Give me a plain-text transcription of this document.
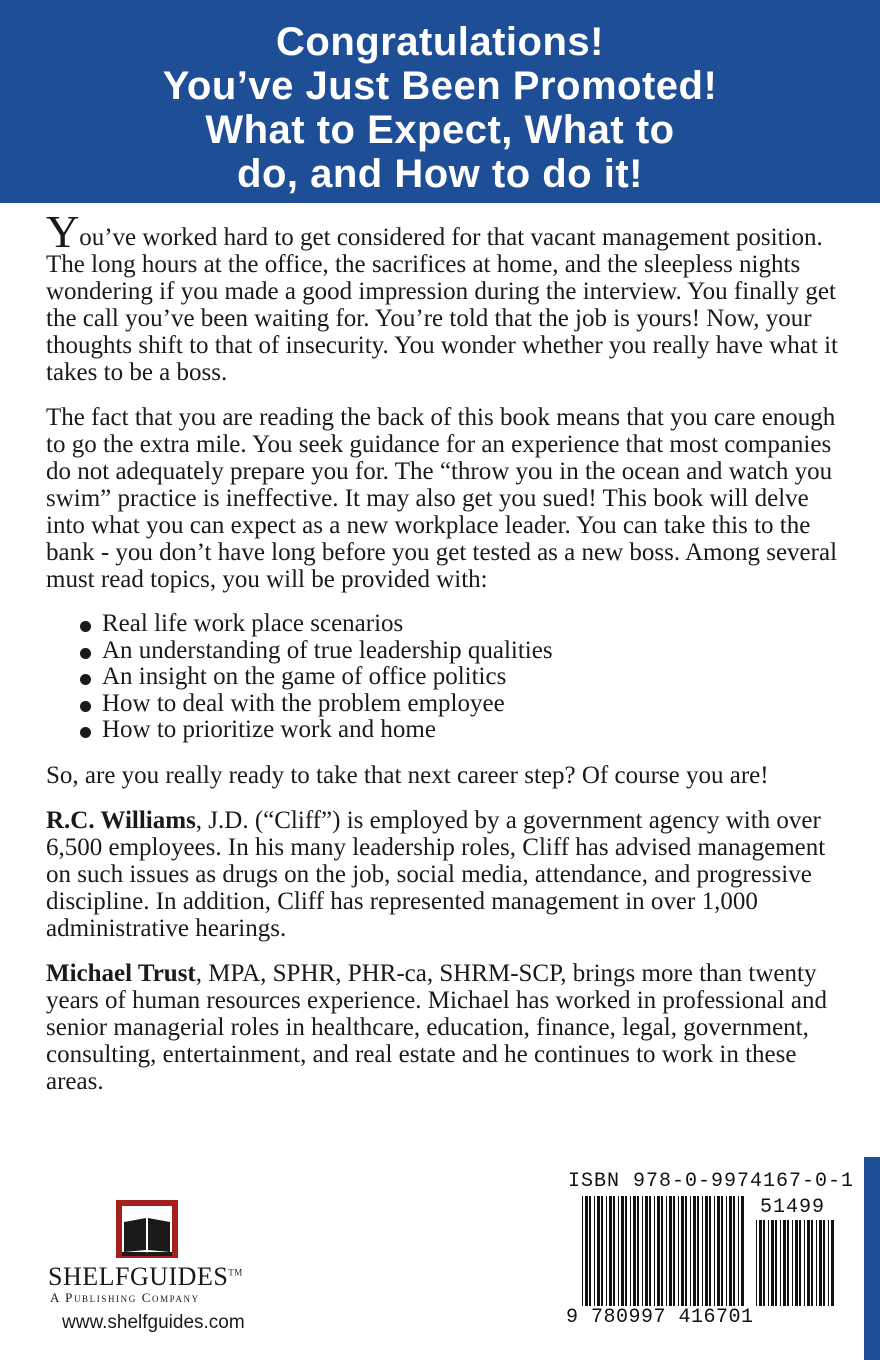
Congratulations!
You’ve Just Been Promoted!
What to Expect, What to
do, and How to do it!

You’ve worked hard to get considered for that vacant management position. The long hours at the office, the sacrifices at home, and the sleepless nights wondering if you made a good impression during the interview. You finally get the call you’ve been waiting for. You’re told that the job is yours! Now, your thoughts shift to that of insecurity. You wonder whether you really have what it takes to be a boss.

The fact that you are reading the back of this book means that you care enough to go the extra mile. You seek guidance for an experience that most companies do not adequately prepare you for. The “throw you in the ocean and watch you swim” practice is ineffective. It may also get you sued! This book will delve into what you can expect as a new workplace leader. You can take this to the bank - you don’t have long before you get tested as a new boss. Among several must read topics, you will be provided with:

Real life work place scenarios
An understanding of true leadership qualities
An insight on the game of office politics
How to deal with the problem employee
How to prioritize work and home

So, are you really ready to take that next career step? Of course you are!

R.C. Williams, J.D. (“Cliff”) is employed by a government agency with over 6,500 employees. In his many leadership roles, Cliff has advised management on such issues as drugs on the job, social media, attendance, and progressive discipline. In addition, Cliff has represented management in over 1,000 administrative hearings.

Michael Trust, MPA, SPHR, PHR-ca, SHRM-SCP, brings more than twenty years of human resources experience. Michael has worked in professional and senior managerial roles in healthcare, education, finance, legal, government, consulting, entertainment, and real estate and he continues to work in these areas.

SHELFGUIDES™
A Publishing Company
www.shelfguides.com
ISBN 978-0-9974167-0-1
51499
9 780997 416701
